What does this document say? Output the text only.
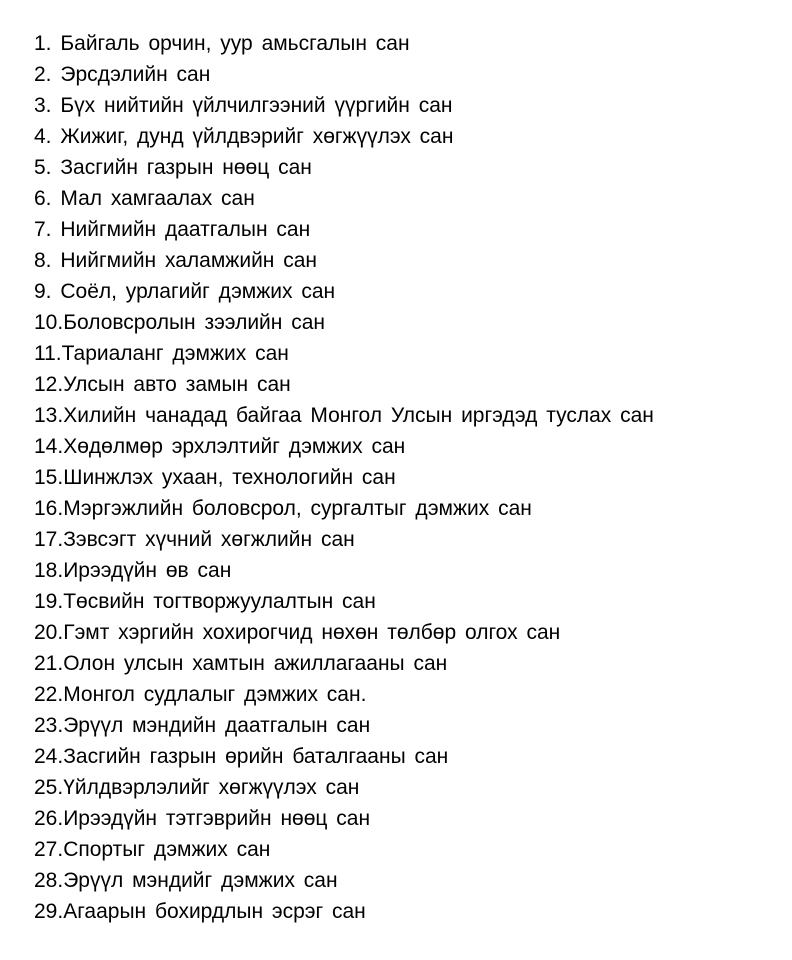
1. Байгаль орчин, уур амьсгалын сан
2. Эрсдэлийн сан
3. Бүх нийтийн үйлчилгээний үүргийн сан
4. Жижиг, дунд үйлдвэрийг хөгжүүлэх сан
5. Засгийн газрын нөөц сан
6. Мал хамгаалах сан
7. Нийгмийн даатгалын сан
8. Нийгмийн халамжийн сан
9. Соёл, урлагийг дэмжих сан
10.Боловсролын зээлийн сан
11.Тариаланг дэмжих сан
12.Улсын авто замын сан
13.Хилийн чанадад байгаа Монгол Улсын иргэдэд туслах сан
14.Хөдөлмөр эрхлэлтийг дэмжих сан
15.Шинжлэх ухаан, технологийн сан
16.Мэргэжлийн боловсрол, сургалтыг дэмжих сан
17.Зэвсэгт хүчний хөгжлийн сан
18.Ирээдүйн өв сан
19.Төсвийн тогтворжуулалтын сан
20.Гэмт хэргийн хохирогчид нөхөн төлбөр олгох сан
21.Олон улсын хамтын ажиллагааны сан
22.Монгол судлалыг дэмжих сан.
23.Эрүүл мэндийн даатгалын сан
24.Засгийн газрын өрийн баталгааны сан
25.Үйлдвэрлэлийг хөгжүүлэх сан
26.Ирээдүйн тэтгэврийн нөөц сан
27.Спортыг дэмжих сан
28.Эрүүл мэндийг дэмжих сан
29.Агаарын бохирдлын эсрэг сан
